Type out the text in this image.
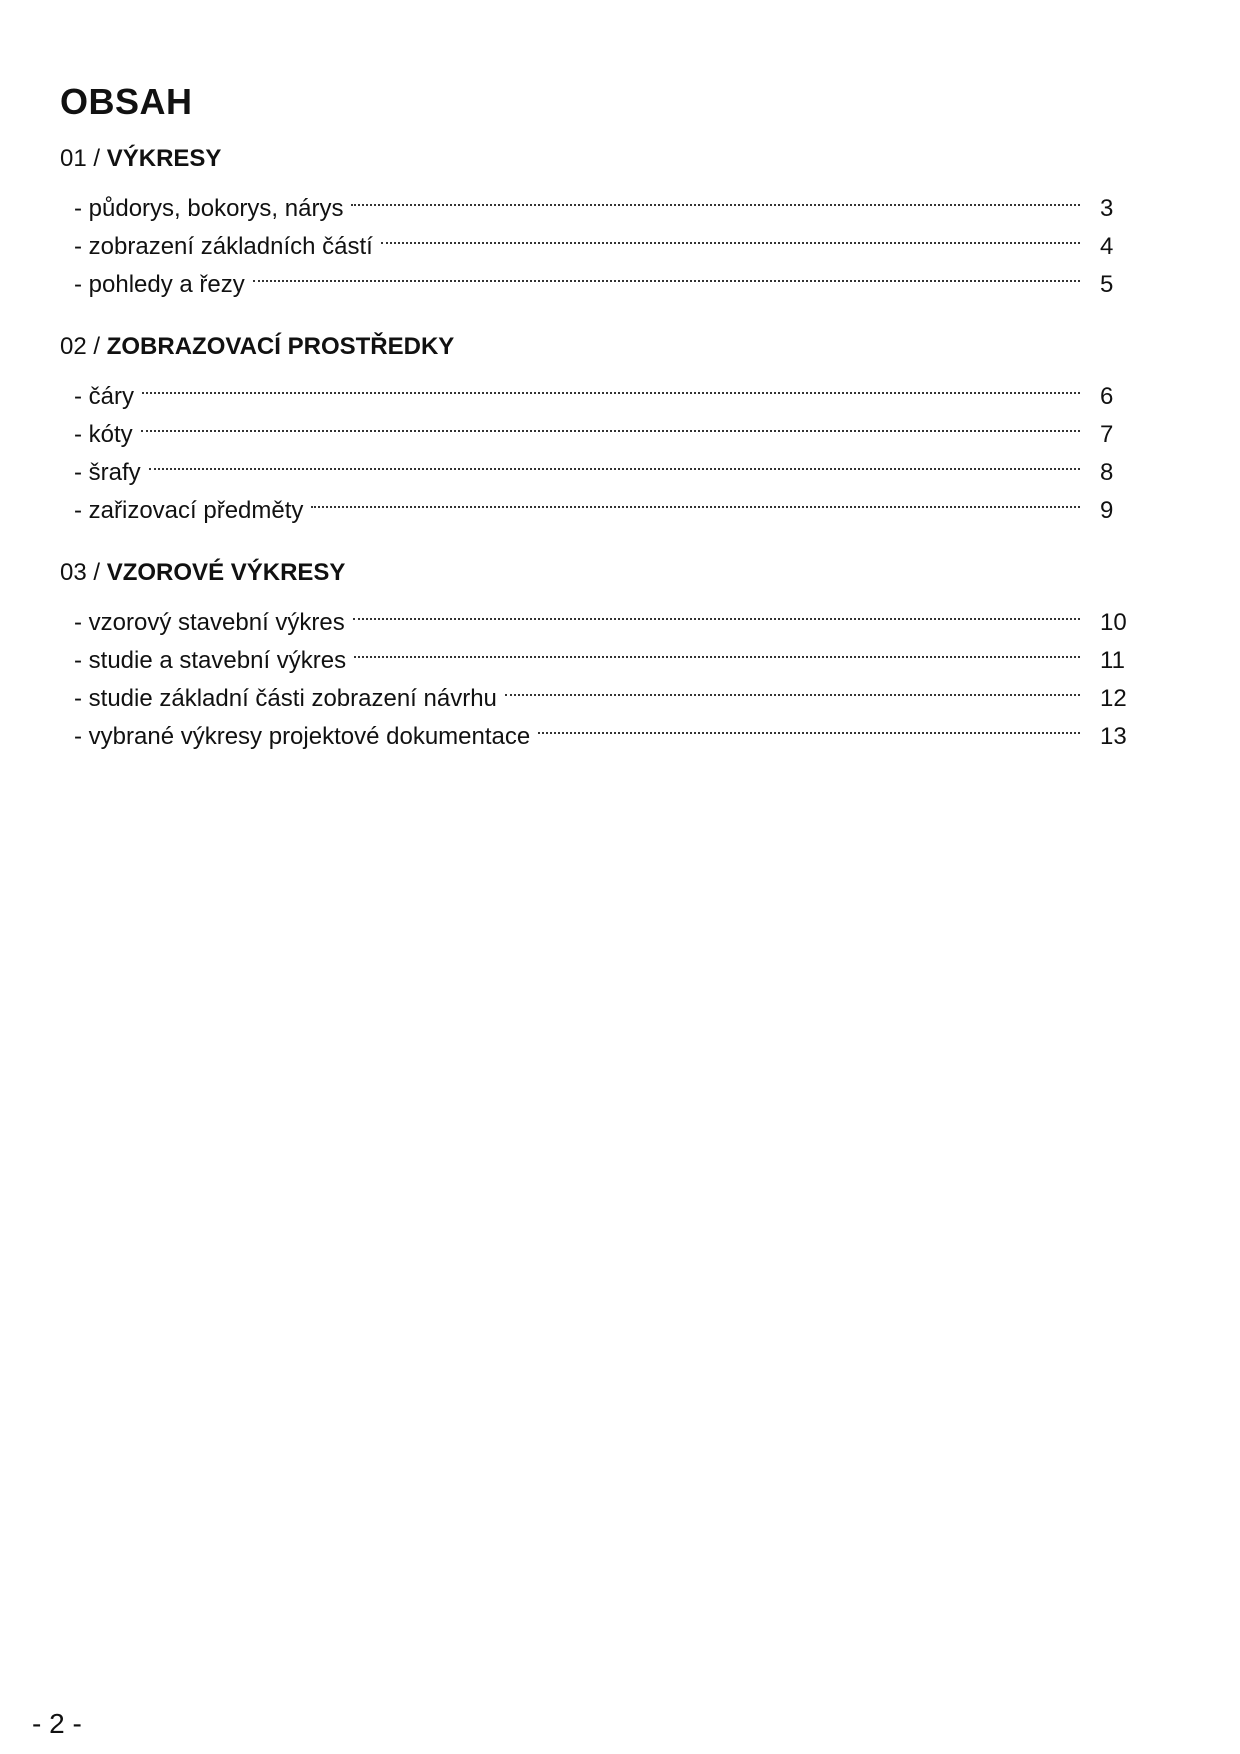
OBSAH
01 / VÝKRESY
- půdorys, bokorys, nárys	3
- zobrazení základních částí	4
- pohledy a řezy	5
02 / ZOBRAZOVACÍ PROSTŘEDKY
- čáry	6
- kóty	7
- šrafy	8
- zařizovací předměty	9
03 / VZOROVÉ VÝKRESY
- vzorový stavební výkres	10
- studie a stavební výkres	11
- studie základní části zobrazení návrhu	12
- vybrané výkresy projektové dokumentace	13
- 2 -
